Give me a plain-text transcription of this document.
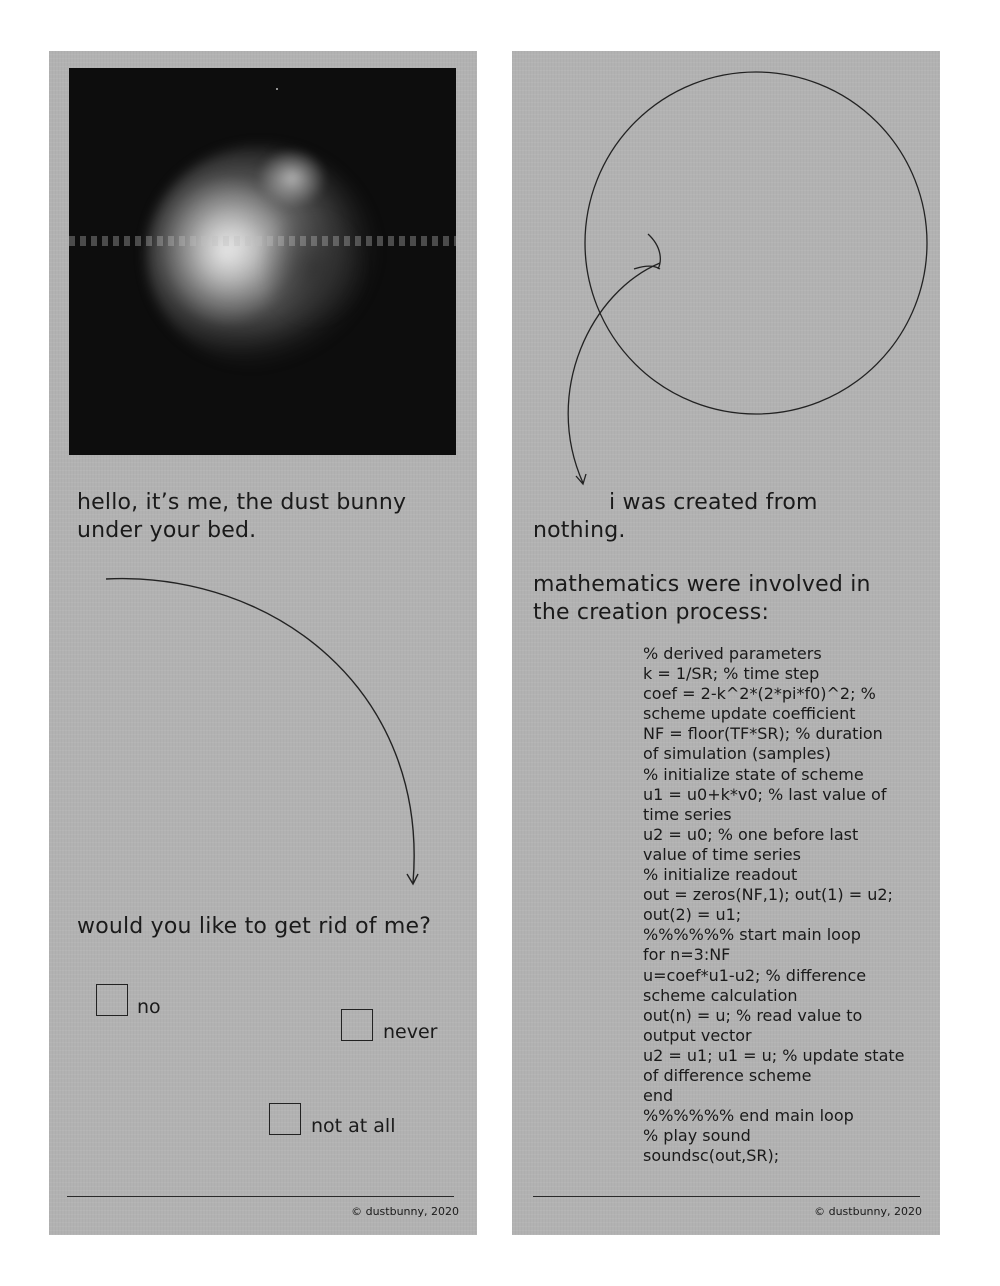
hello, it’s me, the dust bunny
under your bed.
would you like to get rid of me?
no
never
not at all
© dustbunny, 2020
i was created from
nothing.
mathematics were involved in
the creation process:
% derived parameters
k = 1/SR; % time step
coef = 2-k^2*(2*pi*f0)^2; %
scheme update coefficient
NF = floor(TF*SR); % duration
of simulation (samples)
% initialize state of scheme
u1 = u0+k*v0; % last value of
time series
u2 = u0; % one before last
value of time series
% initialize readout
out = zeros(NF,1); out(1) = u2;
out(2) = u1;
%%%%%% start main loop
for n=3:NF
u=coef*u1-u2; % difference
scheme calculation
out(n) = u; % read value to
output vector
u2 = u1; u1 = u; % update state
of difference scheme
end
%%%%%% end main loop
% play sound
soundsc(out,SR);
© dustbunny, 2020
